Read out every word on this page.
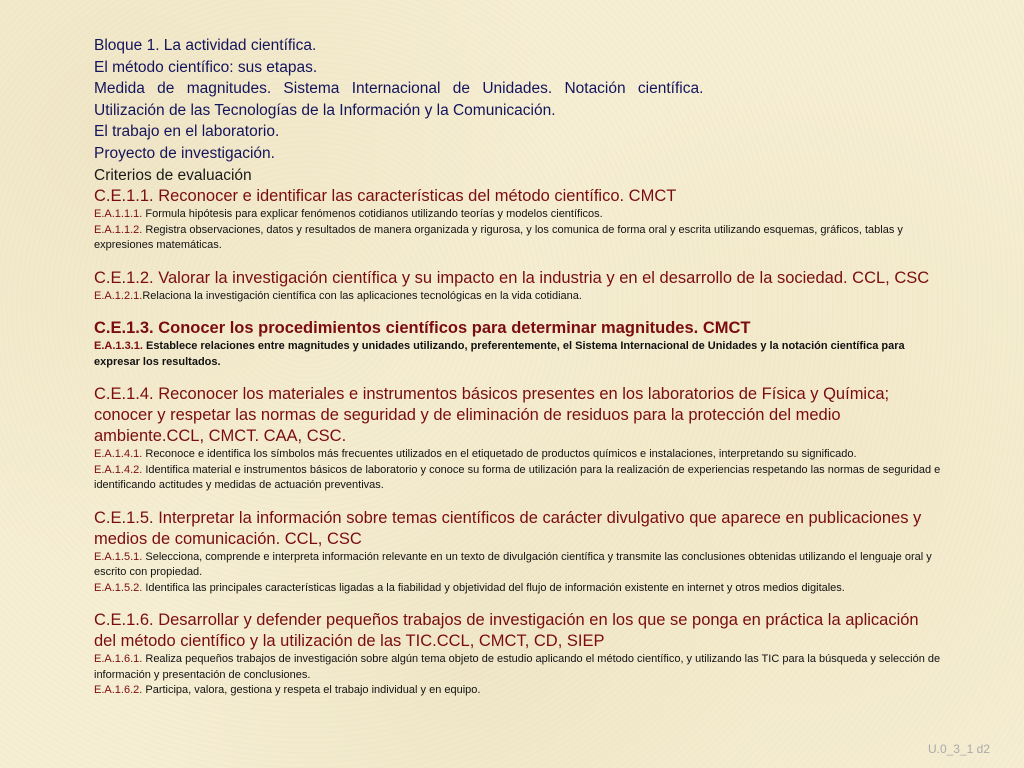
Bloque 1. La actividad científica.
El método científico: sus etapas.
Medida de magnitudes. Sistema Internacional de Unidades. Notación científica.
Utilización de las Tecnologías de la Información y la Comunicación.
El trabajo en el laboratorio.
Proyecto de investigación.
Criterios de evaluación
C.E.1.1. Reconocer e identificar las características del método científico. CMCT
E.A.1.1.1. Formula hipótesis para explicar fenómenos cotidianos utilizando teorías y modelos científicos.
E.A.1.1.2. Registra observaciones, datos y resultados de manera organizada y rigurosa, y los comunica de forma oral y escrita utilizando esquemas, gráficos, tablas y expresiones matemáticas.
C.E.1.2. Valorar la investigación científica y su impacto en la industria y en el desarrollo de la sociedad. CCL, CSC
E.A.1.2.1.Relaciona la investigación científica con las aplicaciones tecnológicas en la vida cotidiana.
C.E.1.3. Conocer los procedimientos científicos para determinar magnitudes. CMCT
E.A.1.3.1. Establece relaciones entre magnitudes y unidades utilizando, preferentemente, el Sistema Internacional de Unidades y la notación científica para expresar los resultados.
C.E.1.4. Reconocer los materiales e instrumentos básicos presentes en los laboratorios de Física y Química; conocer y respetar las normas de seguridad y de eliminación de residuos para la protección del medio ambiente.CCL, CMCT. CAA, CSC.
E.A.1.4.1. Reconoce e identifica los símbolos más frecuentes utilizados en el etiquetado de productos químicos e instalaciones, interpretando su significado.
E.A.1.4.2. Identifica material e instrumentos básicos de laboratorio y conoce su forma de utilización para la realización de experiencias respetando las normas de seguridad e identificando actitudes y medidas de actuación preventivas.
C.E.1.5. Interpretar la información sobre temas científicos de carácter divulgativo que aparece en publicaciones y medios de comunicación. CCL, CSC
E.A.1.5.1. Selecciona, comprende e interpreta información relevante en un texto de divulgación científica y transmite las conclusiones obtenidas utilizando el lenguaje oral y escrito con propiedad.
E.A.1.5.2. Identifica las principales características ligadas a la fiabilidad y objetividad del flujo de información existente en internet y otros medios digitales.
C.E.1.6. Desarrollar y defender pequeños trabajos de investigación en los que se ponga en práctica la aplicación del método científico y la utilización de las TIC.CCL, CMCT, CD, SIEP
E.A.1.6.1. Realiza pequeños trabajos de investigación sobre algún tema objeto de estudio aplicando el método científico, y utilizando las TIC para la búsqueda y selección de información y presentación de conclusiones.
E.A.1.6.2. Participa, valora, gestiona y respeta el trabajo individual y en equipo.
U.0_3_1 d2
